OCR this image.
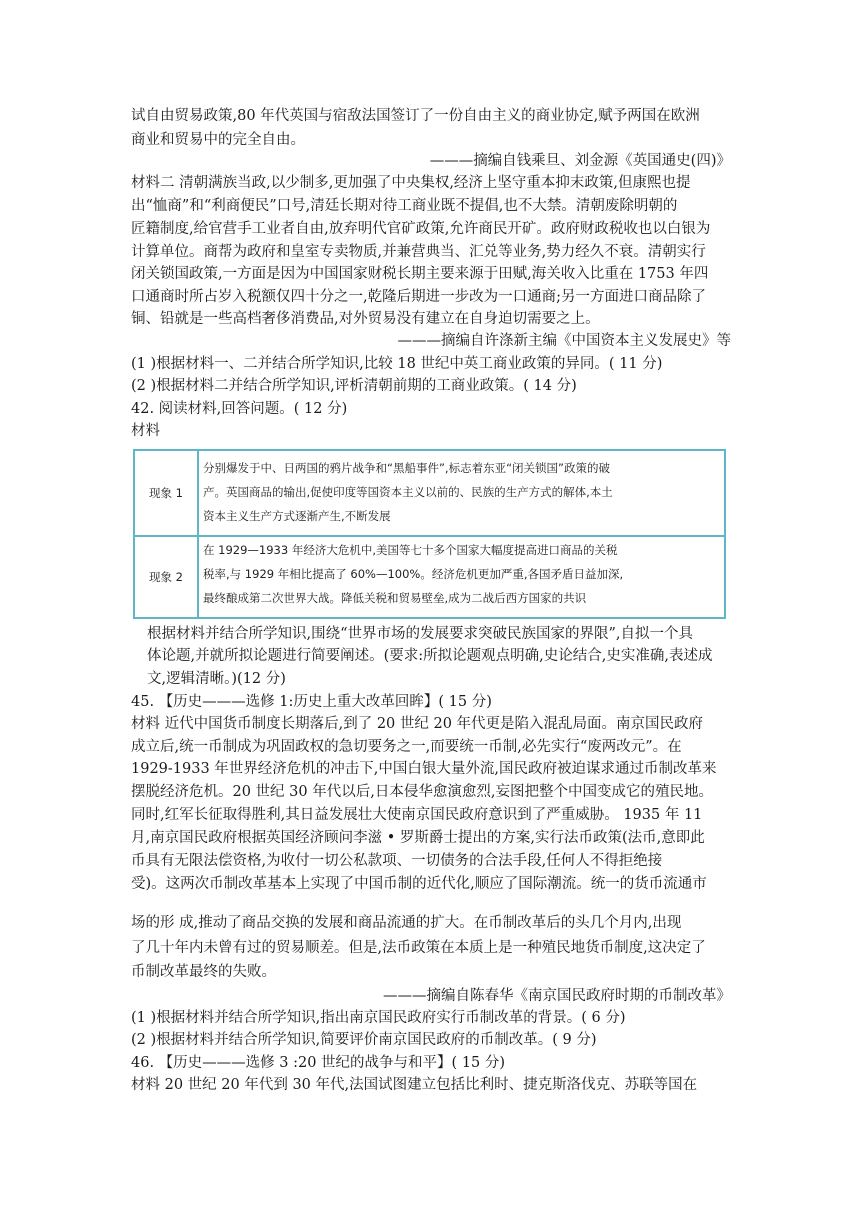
试自由贸易政策,80 年代英国与宿敌法国签订了一份自由主义的商业协定,赋予两国在欧洲
商业和贸易中的完全自由。
———摘编自钱乘旦、刘金源《英国通史(四)》
材料二 清朝满族当政,以少制多,更加强了中央集权,经济上坚守重本抑末政策,但康熙也提
出“恤商”和“利商便民”口号,清廷长期对待工商业既不提倡,也不大禁。清朝废除明朝的
匠籍制度,给官营手工业者自由,放弃明代官矿政策,允许商民开矿。政府财政税收也以白银为
计算单位。商帮为政府和皇室专卖物质,并兼营典当、汇兑等业务,势力经久不衰。清朝实行
闭关锁国政策,一方面是因为中国国家财税长期主要来源于田赋,海关收入比重在 1753 年四
口通商时所占岁入税额仅四十分之一,乾隆后期进一步改为一口通商;另一方面进口商品除了
铜、铅就是一些高档奢侈消费品,对外贸易没有建立在自身迫切需要之上。
———摘编自许涤新主编《中国资本主义发展史》等
(1 )根据材料一、二并结合所学知识,比较 18 世纪中英工商业政策的异同。( 11 分)
(2 )根据材料二并结合所学知识,评析清朝前期的工商业政策。( 14 分)
42. 阅读材料,回答问题。( 12 分)
材料
现象 1
分别爆发于中、日两国的鸦片战争和“黑船事件”,标志着东亚“闭关锁国”政策的破
产。英国商品的输出,促使印度等国资本主义以前的、民族的生产方式的解体,本土
资本主义生产方式逐渐产生,不断发展
现象 2
在 1929—1933 年经济大危机中,美国等七十多个国家大幅度提高进口商品的关税
税率,与 1929 年相比提高了 60%—100%。经济危机更加严重,各国矛盾日益加深,
最终酿成第二次世界大战。降低关税和贸易壁垒,成为二战后西方国家的共识
根据材料并结合所学知识,围绕“世界市场的发展要求突破民族国家的界限”,自拟一个具
体论题,并就所拟论题进行简要阐述。(要求:所拟论题观点明确,史论结合,史实准确,表述成
文,逻辑清晰。)(12 分)
45. 【历史———选修 1:历史上重大改革回眸】( 15 分)
材料 近代中国货币制度长期落后,到了 20 世纪 20 年代更是陷入混乱局面。南京国民政府
成立后,统一币制成为巩固政权的急切要务之一,而要统一币制,必先实行“废两改元”。在
1929-1933 年世界经济危机的冲击下,中国白银大量外流,国民政府被迫谋求通过币制改革来
摆脱经济危机。20 世纪 30 年代以后,日本侵华愈演愈烈,妄图把整个中国变成它的殖民地。
同时,红军长征取得胜利,其日益发展壮大使南京国民政府意识到了严重威胁。 1935 年 11
月,南京国民政府根据英国经济顾问李滋 • 罗斯爵士提出的方案,实行法币政策(法币,意即此
币具有无限法偿资格,为收付一切公私款项、一切债务的合法手段,任何人不得拒绝接
受)。这两次币制改革基本上实现了中国币制的近代化,顺应了国际潮流。统一的货币流通市
场的形 成,推动了商品交换的发展和商品流通的扩大。在币制改革后的头几个月内,出现
了几十年内未曾有过的贸易顺差。但是,法币政策在本质上是一种殖民地货币制度,这决定了
币制改革最终的失败。
———摘编自陈春华《南京国民政府时期的币制改革》
(1 )根据材料并结合所学知识,指出南京国民政府实行币制改革的背景。( 6 分)
(2 )根据材料并结合所学知识,简要评价南京国民政府的币制改革。( 9 分)
46. 【历史———选修 3 :20 世纪的战争与和平】( 15 分)
材料 20 世纪 20 年代到 30 年代,法国试图建立包括比利时、捷克斯洛伐克、苏联等国在
